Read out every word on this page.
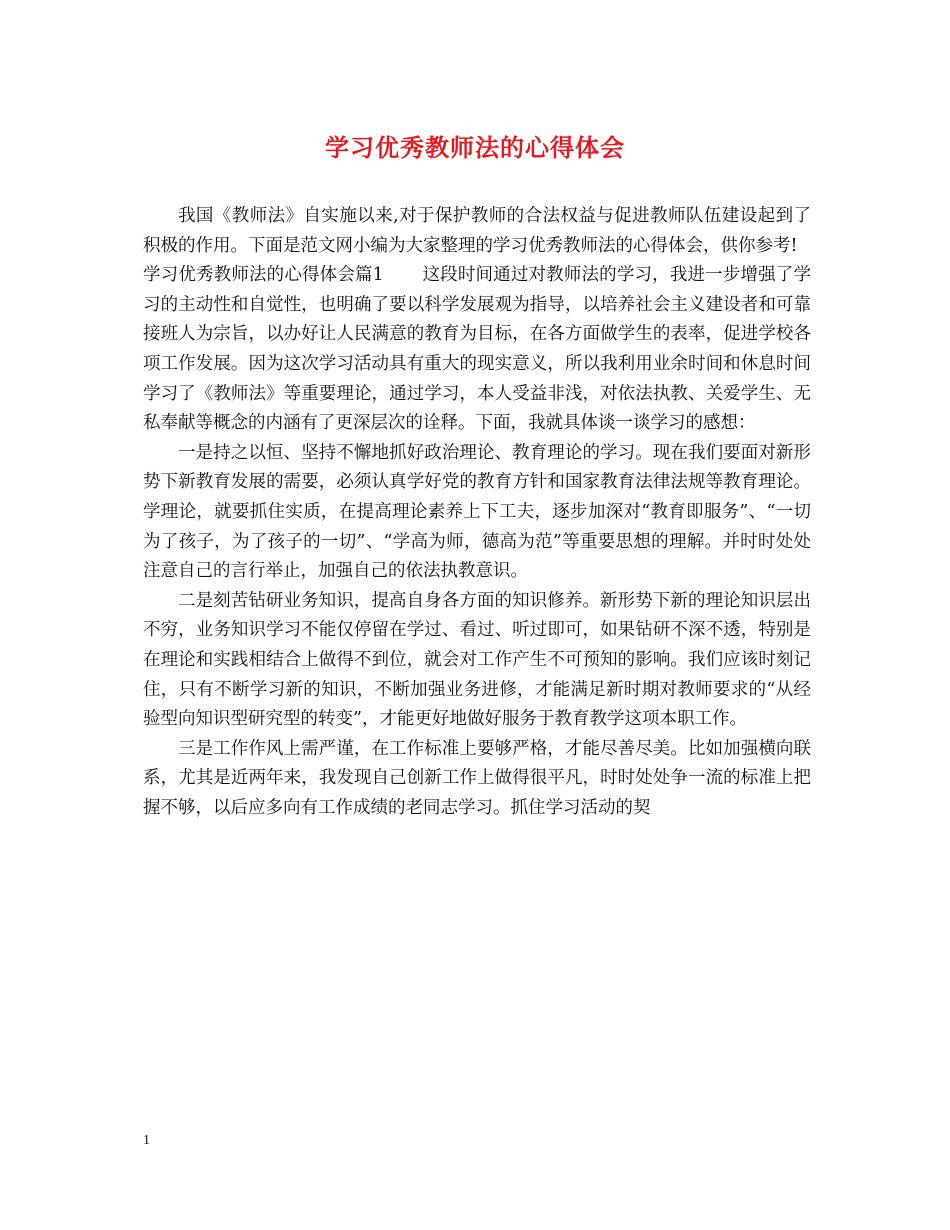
学习优秀教师法的心得体会

我国《教师法》自实施以来,对于保护教师的合法权益与促进教师队伍建设起到了积极的作用。下面是范文网小编为大家整理的学习优秀教师法的心得体会，供你参考!

学习优秀教师法的心得体会篇1 这段时间通过对教师法的学习，我进一步增强了学习的主动性和自觉性，也明确了要以科学发展观为指导，以培养社会主义建设者和可靠接班人为宗旨，以办好让人民满意的教育为目标，在各方面做学生的表率，促进学校各项工作发展。因为这次学习活动具有重大的现实意义，所以我利用业余时间和休息时间学习了《教师法》等重要理论，通过学习，本人受益非浅，对依法执教、关爱学生、无私奉献等概念的内涵有了更深层次的诠释。下面，我就具体谈一谈学习的感想：

一是持之以恒、坚持不懈地抓好政治理论、教育理论的学习。现在我们要面对新形势下新教育发展的需要，必须认真学好党的教育方针和国家教育法律法规等教育理论。学理论，就要抓住实质，在提高理论素养上下工夫，逐步加深对“教育即服务”、“一切为了孩子，为了孩子的一切”、“学高为师，德高为范”等重要思想的理解。并时时处处注意自己的言行举止，加强自己的依法执教意识。

二是刻苦钻研业务知识，提高自身各方面的知识修养。新形势下新的理论知识层出不穷，业务知识学习不能仅停留在学过、看过、听过即可，如果钻研不深不透，特别是在理论和实践相结合上做得不到位，就会对工作产生不可预知的影响。我们应该时刻记住，只有不断学习新的知识，不断加强业务进修，才能满足新时期对教师要求的“从经验型向知识型研究型的转变”，才能更好地做好服务于教育教学这项本职工作。

三是工作作风上需严谨，在工作标准上要够严格，才能尽善尽美。比如加强横向联系，尤其是近两年来，我发现自己创新工作上做得很平凡，时时处处争一流的标准上把握不够，以后应多向有工作成绩的老同志学习。抓住学习活动的契

1
